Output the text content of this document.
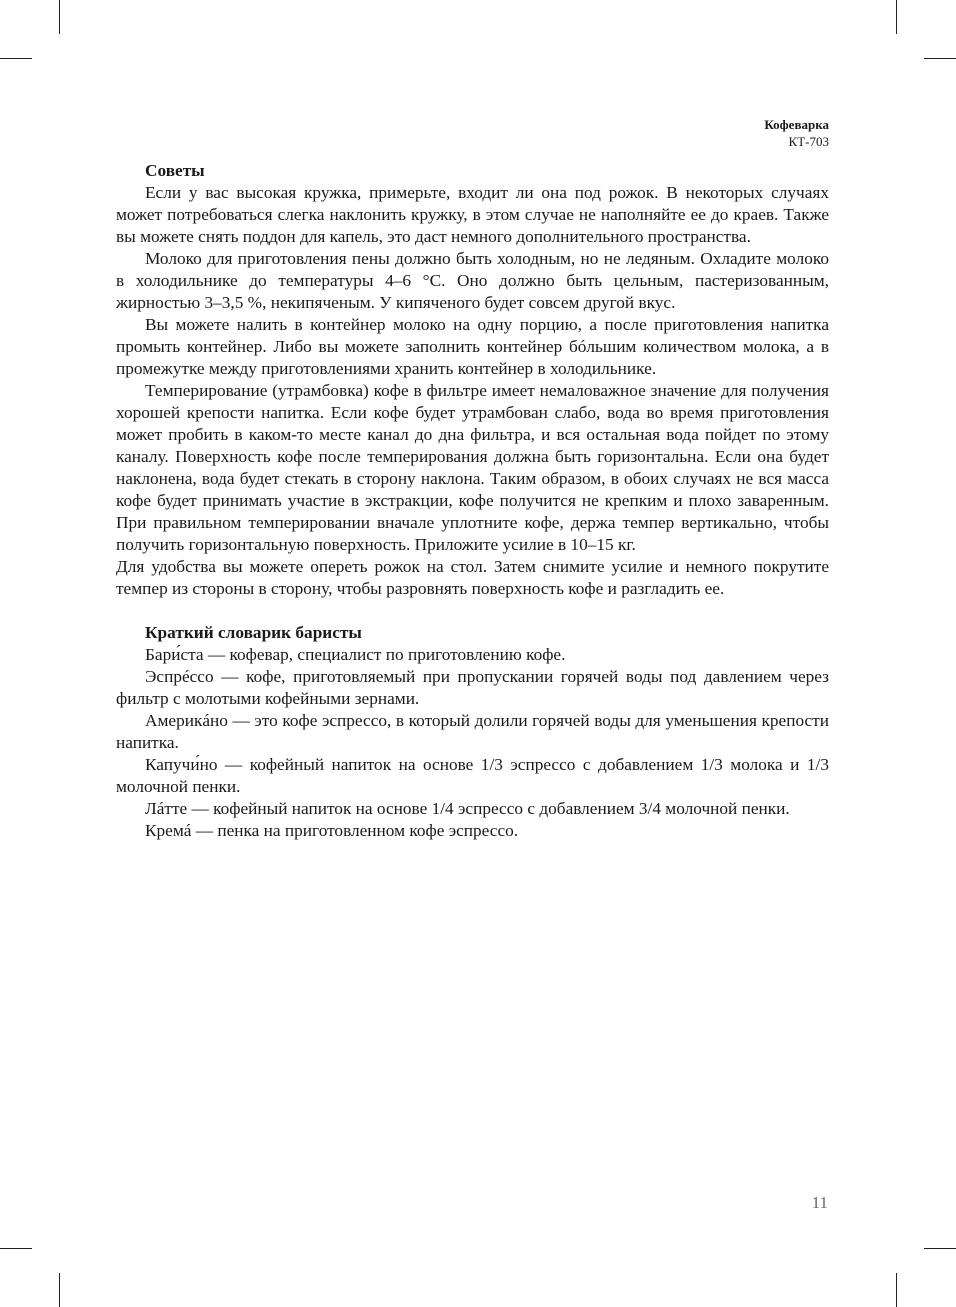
Кофеварка
КТ-703
Советы

Если у вас высокая кружка, примерьте, входит ли она под рожок. В некоторых случаях может потребоваться слегка наклонить кружку, в этом случае не наполняйте ее до краев. Также вы можете снять поддон для капель, это даст немного дополнительного пространства.

Молоко для приготовления пены должно быть холодным, но не ледяным. Охладите молоко в холодильнике до температуры 4–6 °С. Оно должно быть цельным, пастеризованным, жирностью 3–3,5 %, некипяченым. У кипяченого будет совсем другой вкус.

Вы можете налить в контейнер молоко на одну порцию, а после приготовления напитка промыть контейнер. Либо вы можете заполнить контейнер бóльшим количеством молока, а в промежутке между приготовлениями хранить контейнер в холодильнике.

Темперирование (утрамбовка) кофе в фильтре имеет немаловажное значение для получения хорошей крепости напитка. Если кофе будет утрамбован слабо, вода во время приготовления может пробить в каком-то месте канал до дна фильтра, и вся остальная вода пойдет по этому каналу. Поверхность кофе после темперирования должна быть горизонтальна. Если она будет наклонена, вода будет стекать в сторону наклона. Таким образом, в обоих случаях не вся масса кофе будет принимать участие в экстракции, кофе получится не крепким и плохо заваренным. При правильном темперировании вначале уплотните кофе, держа темпер вертикально, чтобы получить горизонтальную поверхность. Приложите усилие в 10–15 кг.

Для удобства вы можете опереть рожок на стол. Затем снимите усилие и немного покрутите темпер из стороны в сторону, чтобы разровнять поверхность кофе и разгладить ее.

Краткий словарик баристы

Бари́ста — кофевар, специалист по приготовлению кофе.

Эспрéссо — кофе, приготовляемый при пропускании горячей воды под давлением через фильтр с молотыми кофейными зернами.

Америкáно — это кофе эспрессо, в который долили горячей воды для уменьшения крепости напитка.

Капучи́но — кофейный напиток на основе 1/3 эспрессо с добавлением 1/3 молока и 1/3 молочной пенки.

Лáтте — кофейный напиток на основе 1/4 эспрессо с добавлением 3/4 молочной пенки.

Кремá — пенка на приготовленном кофе эспрессо.

11
